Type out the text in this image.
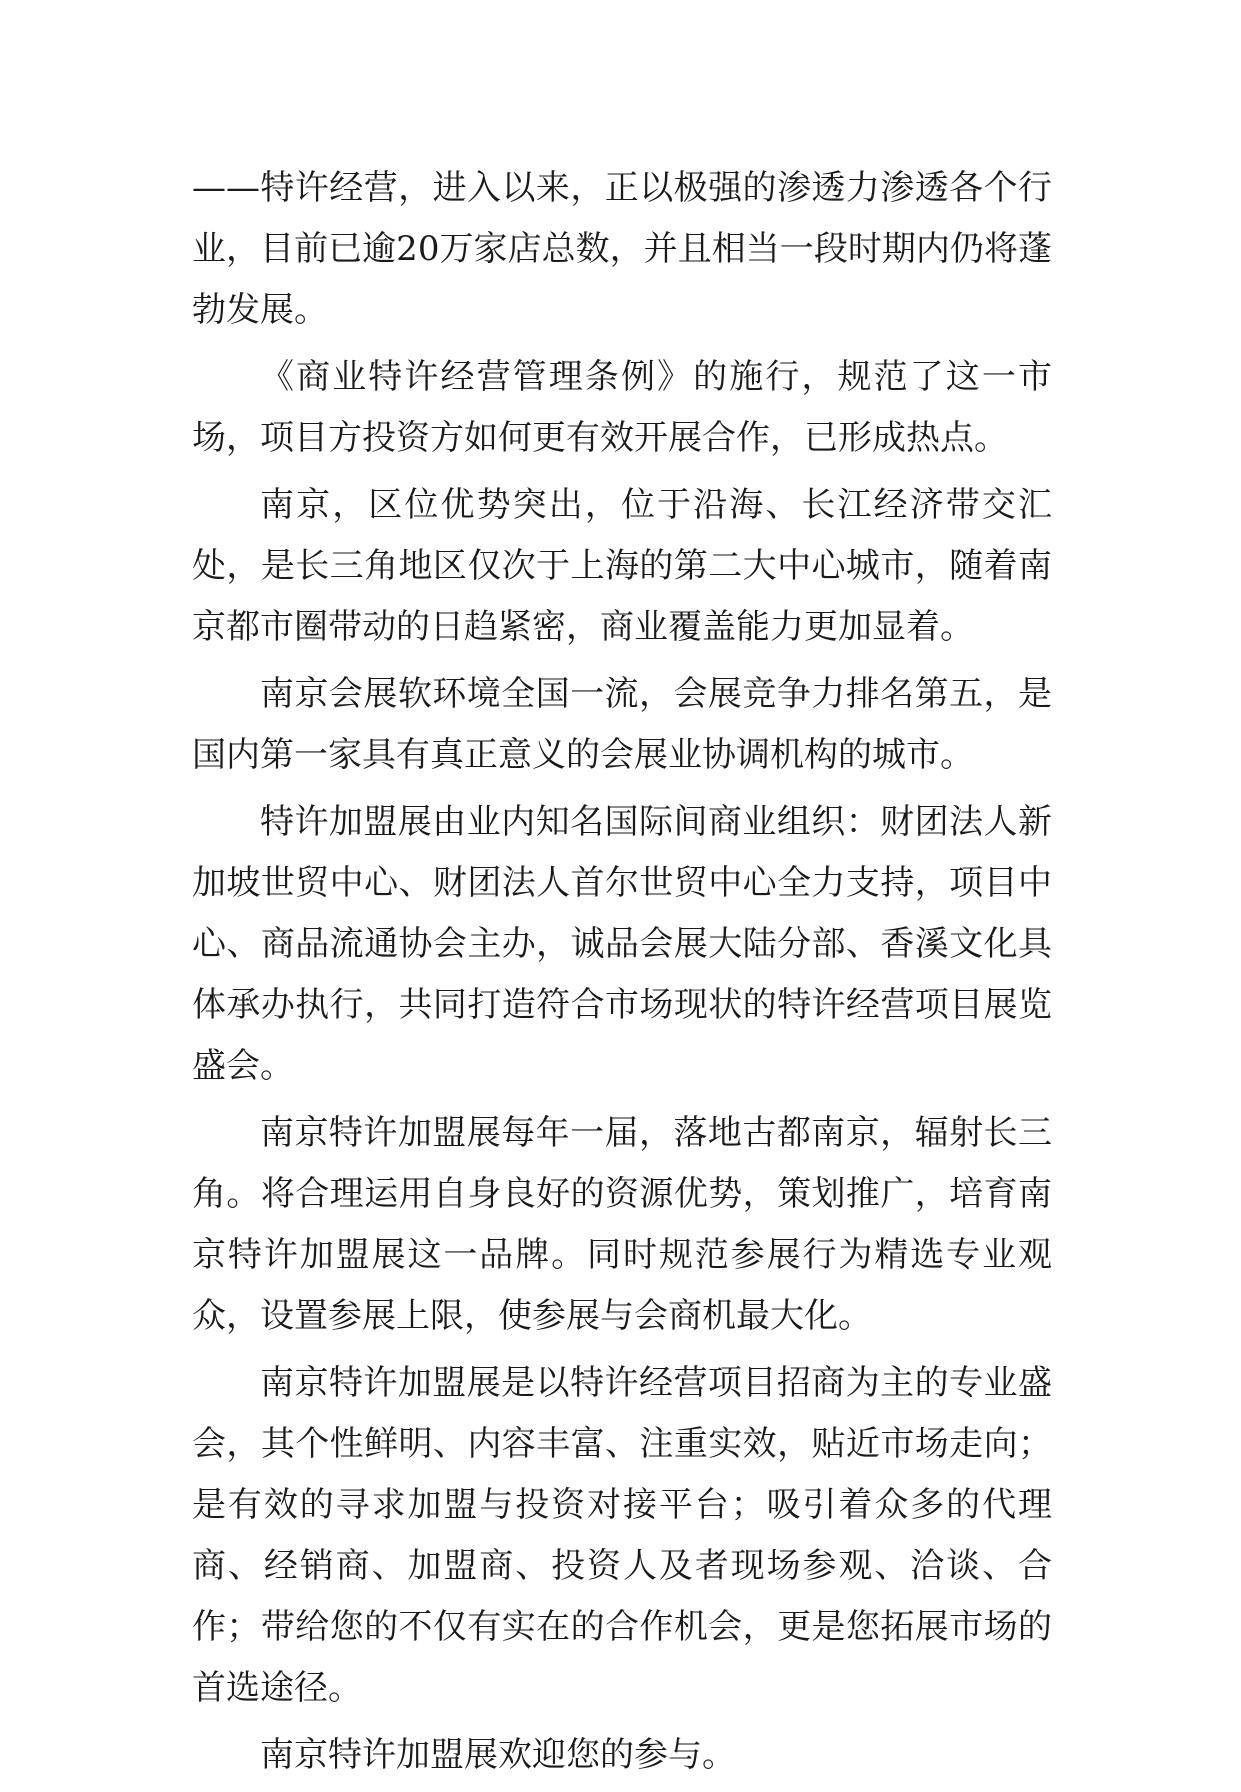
——特许经营，进入以来，正以极强的渗透力渗透各个行业，目前已逾20万家店总数，并且相当一段时期内仍将蓬勃发展。

《商业特许经营管理条例》的施行，规范了这一市场，项目方投资方如何更有效开展合作，已形成热点。

南京，区位优势突出，位于沿海、长江经济带交汇处，是长三角地区仅次于上海的第二大中心城市，随着南京都市圈带动的日趋紧密，商业覆盖能力更加显着。

南京会展软环境全国一流，会展竞争力排名第五，是国内第一家具有真正意义的会展业协调机构的城市。

特许加盟展由业内知名国际间商业组织：财团法人新加坡世贸中心、财团法人首尔世贸中心全力支持，项目中心、商品流通协会主办，诚品会展大陆分部、香溪文化具体承办执行，共同打造符合市场现状的特许经营项目展览盛会。

南京特许加盟展每年一届，落地古都南京，辐射长三角。将合理运用自身良好的资源优势，策划推广，培育南京特许加盟展这一品牌。同时规范参展行为精选专业观众，设置参展上限，使参展与会商机最大化。

南京特许加盟展是以特许经营项目招商为主的专业盛会，其个性鲜明、内容丰富、注重实效，贴近市场走向；是有效的寻求加盟与投资对接平台；吸引着众多的代理商、经销商、加盟商、投资人及者现场参观、洽谈、合作；带给您的不仅有实在的合作机会，更是您拓展市场的首选途径。

南京特许加盟展欢迎您的参与。
